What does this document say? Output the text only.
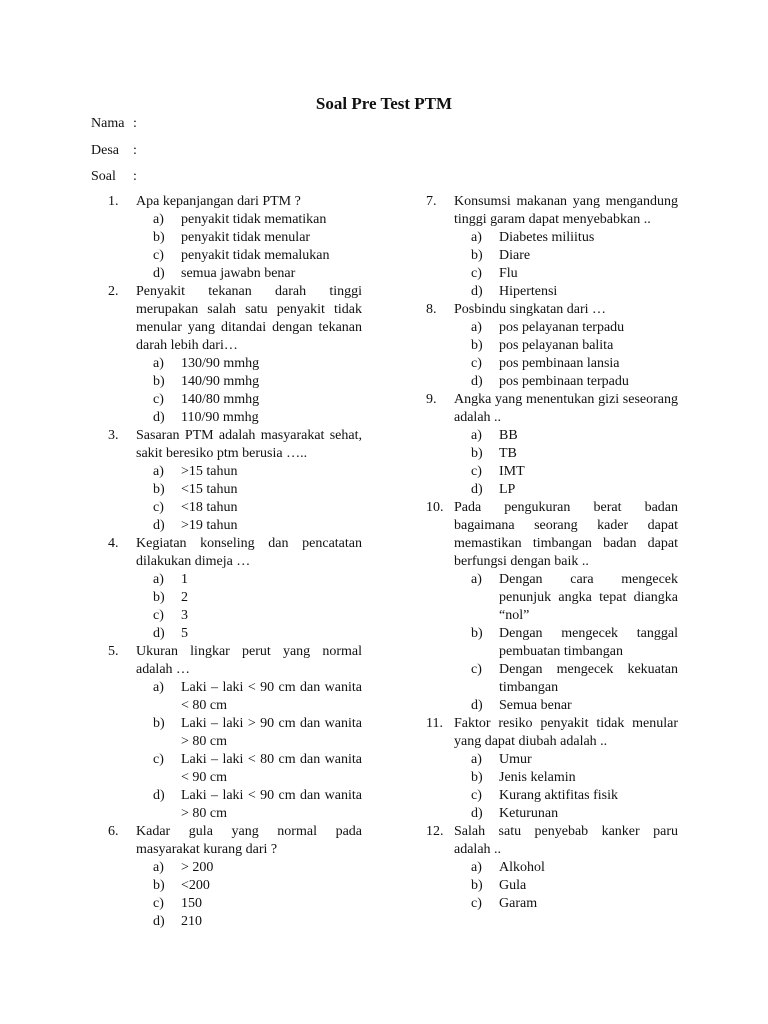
Soal Pre Test PTM
Nama :
Desa	:
Soal	:
1.	Apa kepanjangan dari PTM ?
a)	penyakit tidak mematikan
b)	penyakit tidak menular
c)	penyakit tidak memalukan
d)	semua jawabn benar
2.	Penyakit tekanan darah tinggi merupakan salah satu penyakit tidak menular yang ditandai dengan tekanan darah lebih dari…
a)	130/90 mmhg
b)	140/90 mmhg
c)	140/80 mmhg
d)	110/90 mmhg
3.	Sasaran PTM adalah masyarakat sehat, sakit beresiko ptm berusia …..
a)	>15 tahun
b)	<15 tahun
c)	<18 tahun
d)	>19 tahun
4.	Kegiatan konseling dan pencatatan dilakukan dimeja …
a)	1
b)	2
c)	3
d)	5
5.	Ukuran lingkar perut yang normal adalah …
a)	Laki – laki < 90 cm dan wanita < 80 cm
b)	Laki – laki > 90 cm dan wanita > 80 cm
c)	Laki – laki < 80 cm dan wanita < 90 cm
d)	Laki – laki < 90 cm dan wanita > 80 cm
6.	Kadar gula yang normal pada masyarakat kurang dari ?
a)	> 200
b)	<200
c)	150
d)	210
7.	Konsumsi makanan yang mengandung tinggi garam dapat menyebabkan ..
a)	Diabetes miliitus
b)	Diare
c)	Flu
d)	Hipertensi
8.	Posbindu singkatan dari …
a)	pos pelayanan terpadu
b)	pos pelayanan balita
c)	pos pembinaan lansia
d)	pos pembinaan terpadu
9.	Angka yang menentukan gizi seseorang adalah ..
a)	BB
b)	TB
c)	IMT
d)	LP
10. Pada pengukuran berat badan bagaimana seorang kader dapat memastikan timbangan badan dapat berfungsi dengan baik ..
a)	Dengan cara mengecek penunjuk angka tepat diangka “nol”
b)	Dengan mengecek tanggal pembuatan timbangan
c)	Dengan mengecek kekuatan timbangan
d)	Semua benar
11. Faktor resiko penyakit tidak menular yang dapat diubah adalah ..
a)	Umur
b)	Jenis kelamin
c)	Kurang aktifitas fisik
d)	Keturunan
12. Salah satu penyebab kanker paru adalah ..
a)	Alkohol
b)	Gula
c)	Garam
